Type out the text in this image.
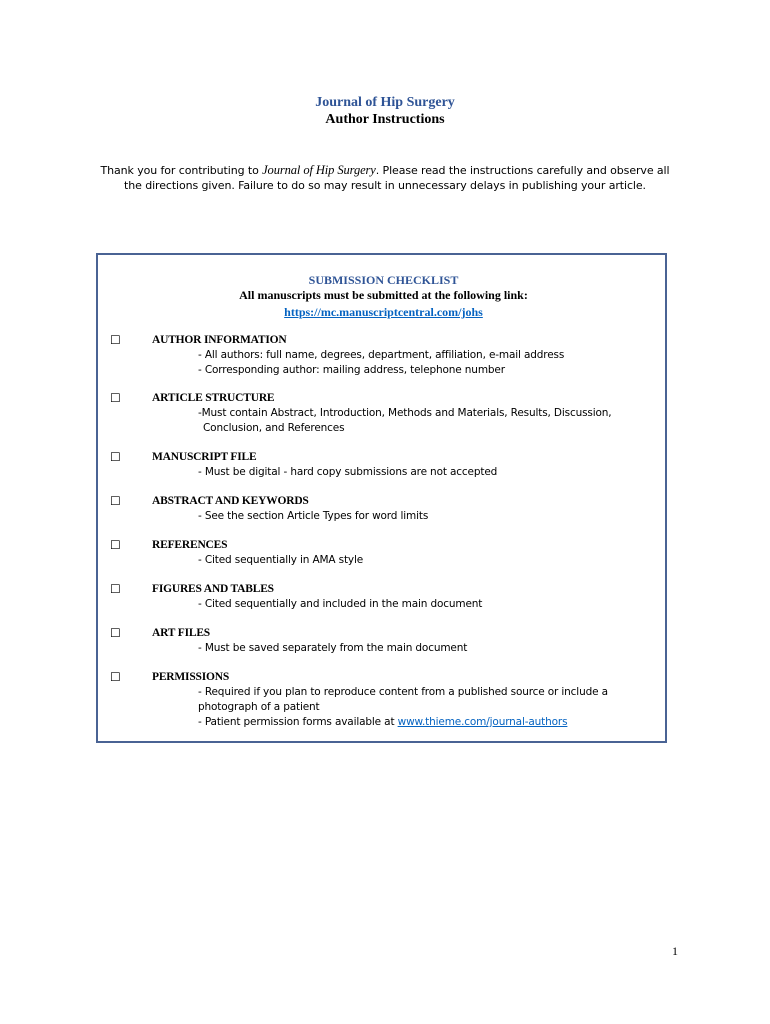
Journal of Hip Surgery
Author Instructions
Thank you for contributing to Journal of Hip Surgery. Please read the instructions carefully and observe all the directions given. Failure to do so may result in unnecessary delays in publishing your article.
SUBMISSION CHECKLIST
All manuscripts must be submitted at the following link:
https://mc.manuscriptcentral.com/johs
☐	AUTHOR INFORMATION
- All authors: full name, degrees, department, affiliation, e-mail address
- Corresponding author: mailing address, telephone number
☐	ARTICLE STRUCTURE
-Must contain Abstract, Introduction, Methods and Materials, Results, Discussion,
Conclusion, and References
☐	MANUSCRIPT FILE
- Must be digital - hard copy submissions are not accepted
☐	ABSTRACT AND KEYWORDS
- See the section Article Types for word limits
☐	REFERENCES
- Cited sequentially in AMA style
☐	FIGURES AND TABLES
- Cited sequentially and included in the main document
☐	ART FILES
- Must be saved separately from the main document
☐	PERMISSIONS
- Required if you plan to reproduce content from a published source or include a
photograph of a patient
- Patient permission forms available at www.thieme.com/journal-authors
1
